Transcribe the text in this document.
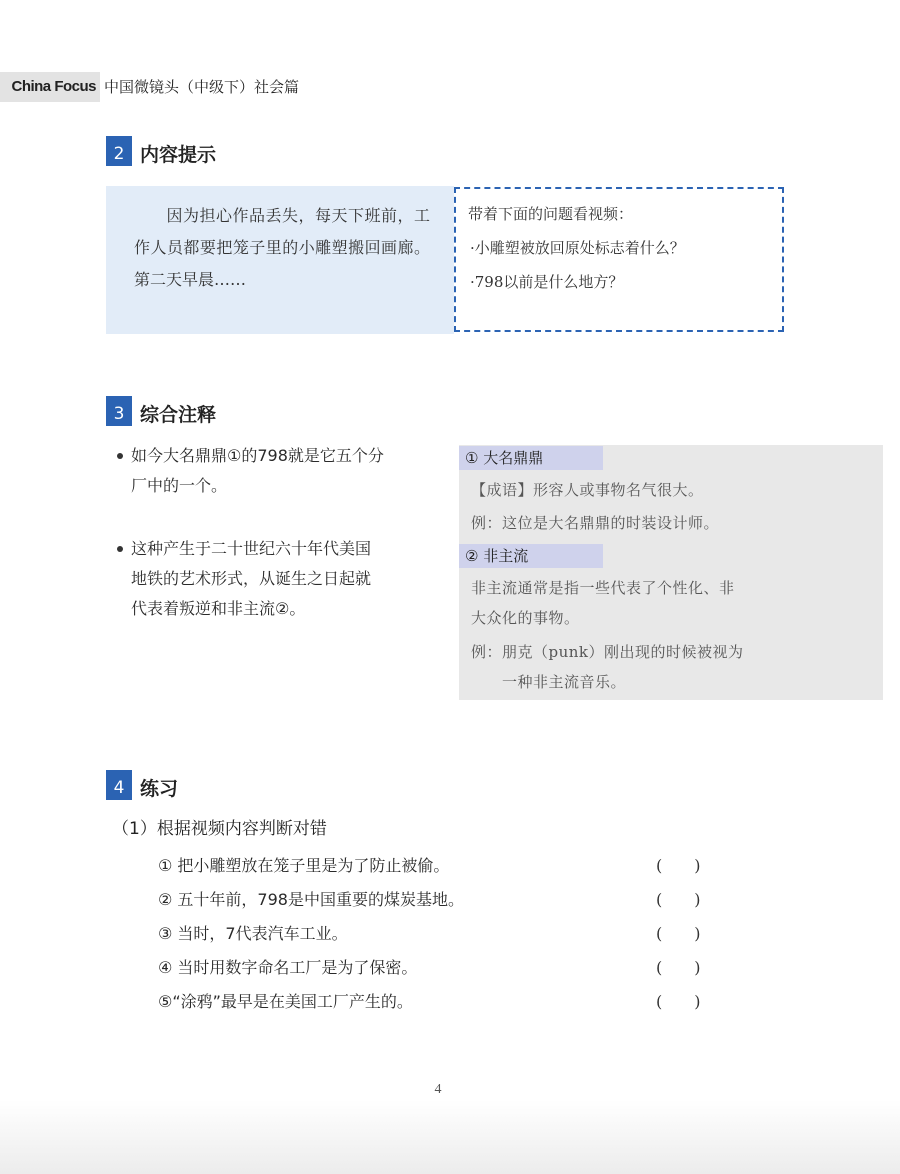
China Focus 中国微镜头（中级下）社会篇
2 内容提示

因为担心作品丢失，每天下班前，工作人员都要把笼子里的小雕塑搬回画廊。第二天早晨……

带着下面的问题看视频：
·小雕塑被放回原处标志着什么？
·798以前是什么地方？
3 综合注释
如今大名鼎鼎①的798就是它五个分
厂中的一个。
这种产生于二十世纪六十年代美国
地铁的艺术形式，从诞生之日起就
代表着叛逆和非主流②。
① 大名鼎鼎
【成语】形容人或事物名气很大。
例：这位是大名鼎鼎的时装设计师。
② 非主流
非主流通常是指一些代表了个性化、非
大众化的事物。
例：朋克（punk）刚出现的时候被视为
　　一种非主流音乐。
4 练习
（1）根据视频内容判断对错
① 把小雕塑放在笼子里是为了防止被偷。	(　　)
② 五十年前，798是中国重要的煤炭基地。	(　　)
③ 当时，7代表汽车工业。	(　　)
④ 当时用数字命名工厂是为了保密。	(　　)
⑤“涂鸦”最早是在美国工厂产生的。	(　　)
4
